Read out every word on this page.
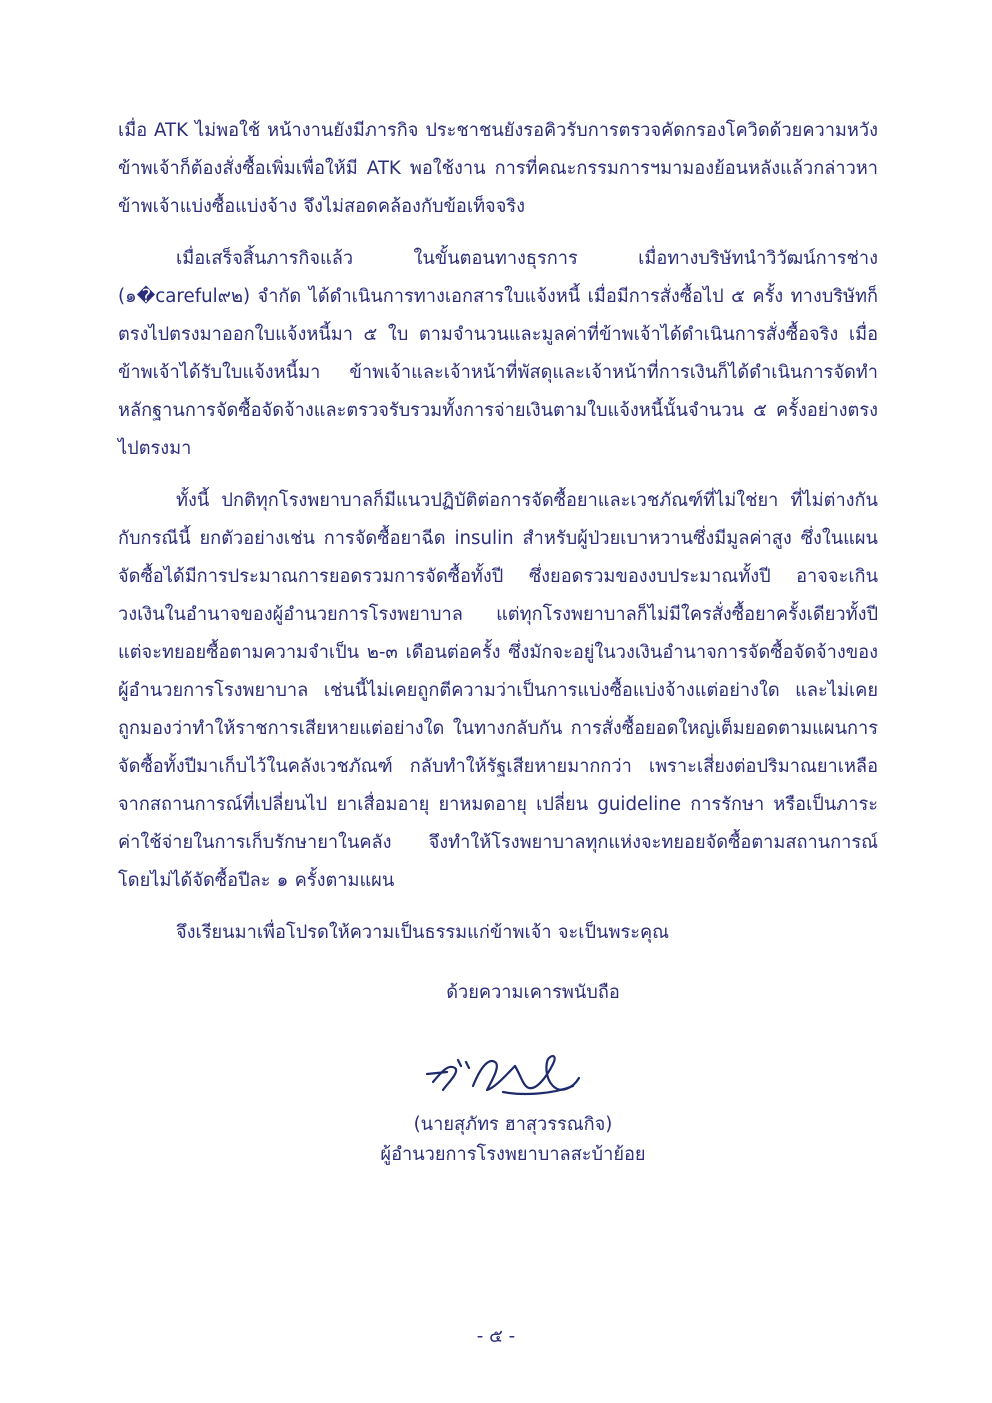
เมื่อ ATK ไม่พอใช้ หน้างานยังมีภารกิจ ประชาชนยังรอคิวรับการตรวจคัดกรองโควิดด้วยความหวัง ข้าพเจ้าก็ต้องสั่งซื้อเพิ่มเพื่อให้มี ATK พอใช้งาน การที่คณะกรรมการฯมามองย้อนหลังแล้วกล่าวหาข้าพเจ้าแบ่งซื้อแบ่งจ้าง จึงไม่สอดคล้องกับข้อเท็จจริง

เมื่อเสร็จสิ้นภารกิจแล้ว ในขั้นตอนทางธุรการ เมื่อทางบริษัทนำวิวัฒน์การช่าง (๑�careful๙๒) จำกัด ได้ดำเนินการทางเอกสารใบแจ้งหนี้ เมื่อมีการสั่งซื้อไป ๕ ครั้ง ทางบริษัทก็ตรงไปตรงมาออกใบแจ้งหนี้มา ๕ ใบ ตามจำนวนและมูลค่าที่ข้าพเจ้าได้ดำเนินการสั่งซื้อจริง เมื่อข้าพเจ้าได้รับใบแจ้งหนี้มา ข้าพเจ้าและเจ้าหน้าที่พัสดุและเจ้าหน้าที่การเงินก็ได้ดำเนินการจัดทำหลักฐานการจัดซื้อจัดจ้างและตรวจรับรวมทั้งการจ่ายเงินตามใบแจ้งหนี้นั้นจำนวน ๕ ครั้งอย่างตรงไปตรงมา

ทั้งนี้ ปกติทุกโรงพยาบาลก็มีแนวปฏิบัติต่อการจัดซื้อยาและเวชภัณฑ์ที่ไม่ใช่ยา ที่ไม่ต่างกันกับกรณีนี้ ยกตัวอย่างเช่น การจัดซื้อยาฉีด insulin สำหรับผู้ป่วยเบาหวานซึ่งมีมูลค่าสูง ซึ่งในแผนจัดซื้อได้มีการประมาณการยอดรวมการจัดซื้อทั้งปี ซึ่งยอดรวมของงบประมาณทั้งปี อาจจะเกินวงเงินในอำนาจของผู้อำนวยการโรงพยาบาล แต่ทุกโรงพยาบาลก็ไม่มีใครสั่งซื้อยาครั้งเดียวทั้งปี แต่จะทยอยซื้อตามความจำเป็น ๒-๓ เดือนต่อครั้ง ซึ่งมักจะอยู่ในวงเงินอำนาจการจัดซื้อจัดจ้างของผู้อำนวยการโรงพยาบาล เช่นนี้ไม่เคยถูกตีความว่าเป็นการแบ่งซื้อแบ่งจ้างแต่อย่างใด และไม่เคยถูกมองว่าทำให้ราชการเสียหายแต่อย่างใด ในทางกลับกัน การสั่งซื้อยอดใหญ่เต็มยอดตามแผนการจัดซื้อทั้งปีมาเก็บไว้ในคลังเวชภัณฑ์ กลับทำให้รัฐเสียหายมากกว่า เพราะเสี่ยงต่อปริมาณยาเหลือจากสถานการณ์ที่เปลี่ยนไป ยาเสื่อมอายุ ยาหมดอายุ เปลี่ยน guideline การรักษา หรือเป็นภาระค่าใช้จ่ายในการเก็บรักษายาในคลัง จึงทำให้โรงพยาบาลทุกแห่งจะทยอยจัดซื้อตามสถานการณ์ โดยไม่ได้จัดซื้อปีละ ๑ ครั้งตามแผน

จึงเรียนมาเพื่อโปรดให้ความเป็นธรรมแก่ข้าพเจ้า จะเป็นพระคุณ

ด้วยความเคารพนับถือ
(นายสุภัทร ฮาสุวรรณกิจ)
ผู้อำนวยการโรงพยาบาลสะบ้าย้อย
- ๕ -
